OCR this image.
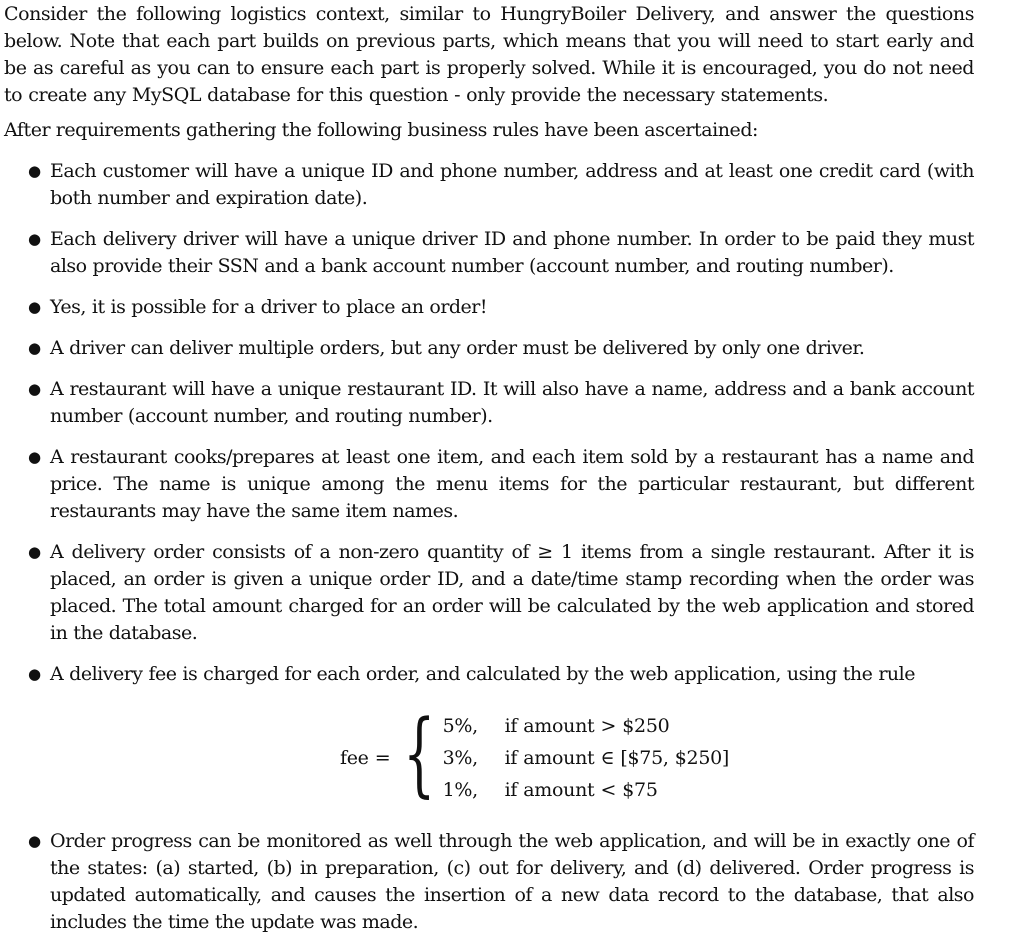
Consider the following logistics context, similar to HungryBoiler Delivery, and answer the questions below. Note that each part builds on previous parts, which means that you will need to start early and be as careful as you can to ensure each part is properly solved. While it is encouraged, you do not need to create any MySQL database for this question - only provide the necessary statements.

After requirements gathering the following business rules have been ascertained:

● Each customer will have a unique ID and phone number, address and at least one credit card (with both number and expiration date).
● Each delivery driver will have a unique driver ID and phone number. In order to be paid they must also provide their SSN and a bank account number (account number, and routing number).
● Yes, it is possible for a driver to place an order!
● A driver can deliver multiple orders, but any order must be delivered by only one driver.
● A restaurant will have a unique restaurant ID. It will also have a name, address and a bank account number (account number, and routing number).
● A restaurant cooks/prepares at least one item, and each item sold by a restaurant has a name and price. The name is unique among the menu items for the particular restaurant, but different restaurants may have the same item names.
● A delivery order consists of a non-zero quantity of ≥ 1 items from a single restaurant. After it is placed, an order is given a unique order ID, and a date/time stamp recording when the order was placed. The total amount charged for an order will be calculated by the web application and stored in the database.
● A delivery fee is charged for each order, and calculated by the web application, using the rule
fee = { 5%,	if amount > $250
3%,	if amount ∈ [$75, $250]
1%,	if amount < $75
● Order progress can be monitored as well through the web application, and will be in exactly one of the states: (a) started, (b) in preparation, (c) out for delivery, and (d) delivered. Order progress is updated automatically, and causes the insertion of a new data record to the database, that also includes the time the update was made.
